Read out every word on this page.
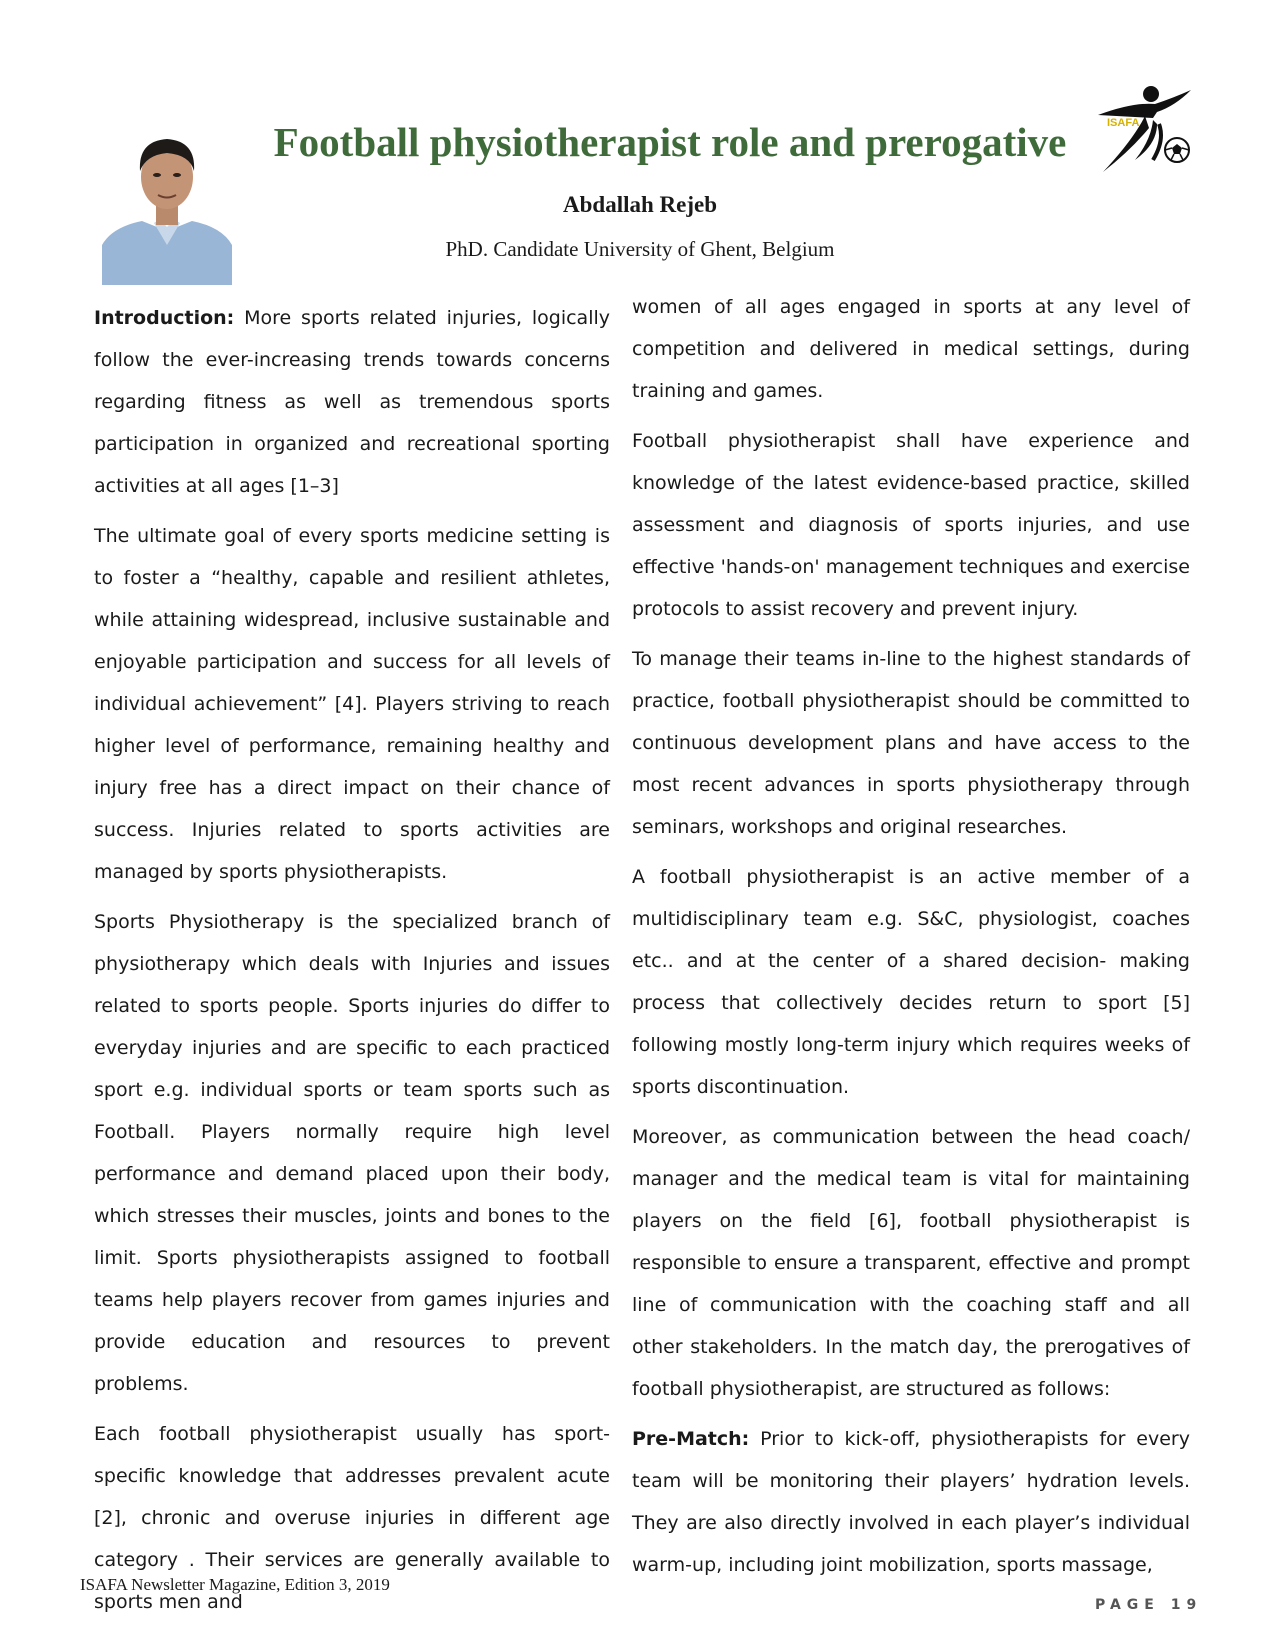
ISAFA
Football physiotherapist role and prerogative

Abdallah Rejeb

PhD. Candidate University of Ghent, Belgium

Introduction: More sports related injuries, logically follow the ever-increasing trends towards concerns regarding fitness as well as tremendous sports participation in organized and recreational sporting activities at all ages [1–3]

The ultimate goal of every sports medicine setting is to foster a “healthy, capable and resilient athletes, while attaining widespread, inclusive sustainable and enjoyable participation and success for all levels of individual achievement” [4]. Players striving to reach higher level of performance, remaining healthy and injury free has a direct impact on their chance of success. Injuries related to sports activities are managed by sports physiotherapists.

Sports Physiotherapy is the specialized branch of physiotherapy which deals with Injuries and issues related to sports people. Sports injuries do differ to everyday injuries and are specific to each practiced sport e.g. individual sports or team sports such as Football. Players normally require high level performance and demand placed upon their body, which stresses their muscles, joints and bones to the limit. Sports physiotherapists assigned to football teams help players recover from games injuries and provide education and resources to prevent problems.

Each football physiotherapist usually has sport-specific knowledge that addresses prevalent acute [2], chronic and overuse injuries in different age category . Their services are generally available to sports men and

women of all ages engaged in sports at any level of competition and delivered in medical settings, during training and games.

Football physiotherapist shall have experience and knowledge of the latest evidence-based practice, skilled assessment and diagnosis of sports injuries, and use effective 'hands-on' management techniques and exercise protocols to assist recovery and prevent injury.

To manage their teams in-line to the highest standards of practice, football physiotherapist should be committed to continuous development plans and have access to the most recent advances in sports physiotherapy through seminars, workshops and original researches.

A football physiotherapist is an active member of a multidisciplinary team e.g. S&C, physiologist, coaches etc.. and at the center of a shared decision- making process that collectively decides return to sport [5] following mostly long-term injury which requires weeks of sports discontinuation.

Moreover, as communication between the head coach/ manager and the medical team is vital for maintaining players on the field [6], football physiotherapist is responsible to ensure a transparent, effective and prompt line of communication with the coaching staff and all other stakeholders. In the match day, the prerogatives of football physiotherapist, are structured as follows:

Pre-Match: Prior to kick-off, physiotherapists for every team will be monitoring their players’ hydration levels. They are also directly involved in each player’s individual warm-up, including joint mobilization, sports massage,

ISAFA Newsletter Magazine, Edition 3, 2019

PAGE 19
